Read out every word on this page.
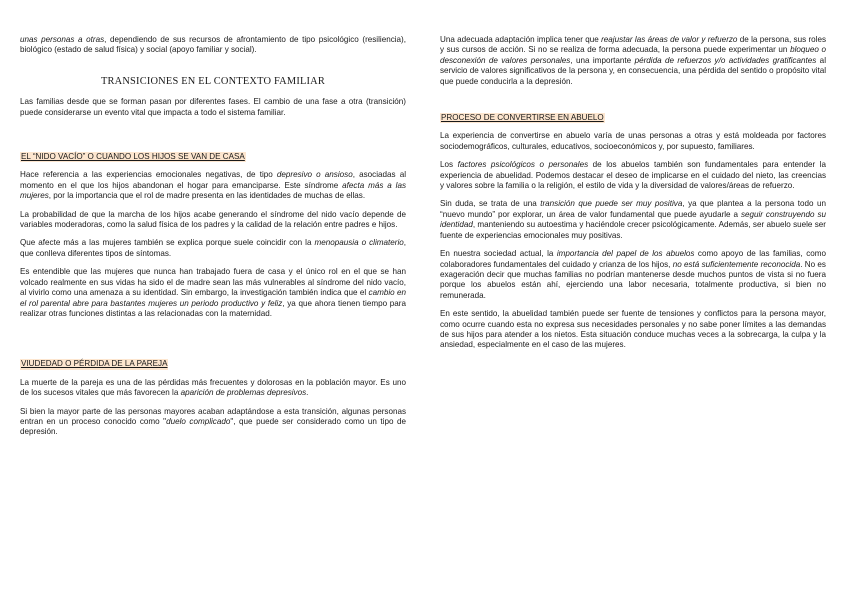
unas personas a otras, dependiendo de sus recursos de afrontamiento de tipo psicológico (resiliencia), biológico (estado de salud física) y social (apoyo familiar y social).

TRANSICIONES EN EL CONTEXTO FAMILIAR

Las familias desde que se forman pasan por diferentes fases. El cambio de una fase a otra (transición) puede considerarse un evento vital que impacta a todo el sistema familiar.

EL “NIDO VACÍO” O CUANDO LOS HIJOS SE VAN DE CASA

Hace referencia a las experiencias emocionales negativas, de tipo depresivo o ansioso, asociadas al momento en el que los hijos abandonan el hogar para emanciparse. Este síndrome afecta más a las mujeres, por la importancia que el rol de madre presenta en las identidades de muchas de ellas.

La probabilidad de que la marcha de los hijos acabe generando el síndrome del nido vacío depende de variables moderadoras, como la salud física de los padres y la calidad de la relación entre padres e hijos.

Que afecte más a las mujeres también se explica porque suele coincidir con la menopausia o climaterio, que conlleva diferentes tipos de síntomas.

Es entendible que las mujeres que nunca han trabajado fuera de casa y el único rol en el que se han volcado realmente en sus vidas ha sido el de madre sean las más vulnerables al síndrome del nido vacío, al vivirlo como una amenaza a su identidad. Sin embargo, la investigación también indica que el cambio en el rol parental abre para bastantes mujeres un periodo productivo y feliz, ya que ahora tienen tiempo para realizar otras funciones distintas a las relacionadas con la maternidad.

VIUDEDAD O PÉRDIDA DE LA PAREJA

La muerte de la pareja es una de las pérdidas más frecuentes y dolorosas en la población mayor. Es uno de los sucesos vitales que más favorecen la aparición de problemas depresivos.

Si bien la mayor parte de las personas mayores acaban adaptándose a esta transición, algunas personas entran en un proceso conocido como "duelo complicado", que puede ser considerado como un tipo de depresión.

Una adecuada adaptación implica tener que reajustar las áreas de valor y refuerzo de la persona, sus roles y sus cursos de acción. Si no se realiza de forma adecuada, la persona puede experimentar un bloqueo o desconexión de valores personales, una importante pérdida de refuerzos y/o actividades gratificantes al servicio de valores significativos de la persona y, en consecuencia, una pérdida del sentido o propósito vital que puede conducirla a la depresión.

PROCESO DE CONVERTIRSE EN ABUELO

La experiencia de convertirse en abuelo varía de unas personas a otras y está moldeada por factores sociodemográficos, culturales, educativos, socioeconómicos y, por supuesto, familiares.

Los factores psicológicos o personales de los abuelos también son fundamentales para entender la experiencia de abuelidad. Podemos destacar el deseo de implicarse en el cuidado del nieto, las creencias y valores sobre la familia o la religión, el estilo de vida y la diversidad de valores/áreas de refuerzo.

Sin duda, se trata de una transición que puede ser muy positiva, ya que plantea a la persona todo un “nuevo mundo” por explorar, un área de valor fundamental que puede ayudarle a seguir construyendo su identidad, manteniendo su autoestima y haciéndole crecer psicológicamente. Además, ser abuelo suele ser fuente de experiencias emocionales muy positivas.

En nuestra sociedad actual, la importancia del papel de los abuelos como apoyo de las familias, como colaboradores fundamentales del cuidado y crianza de los hijos, no está suficientemente reconocida. No es exageración decir que muchas familias no podrían mantenerse desde muchos puntos de vista si no fuera porque los abuelos están ahí, ejerciendo una labor necesaria, totalmente productiva, si bien no remunerada.

En este sentido, la abuelidad también puede ser fuente de tensiones y conflictos para la persona mayor, como ocurre cuando esta no expresa sus necesidades personales y no sabe poner límites a las demandas de sus hijos para atender a los nietos. Esta situación conduce muchas veces a la sobrecarga, la culpa y la ansiedad, especialmente en el caso de las mujeres.
